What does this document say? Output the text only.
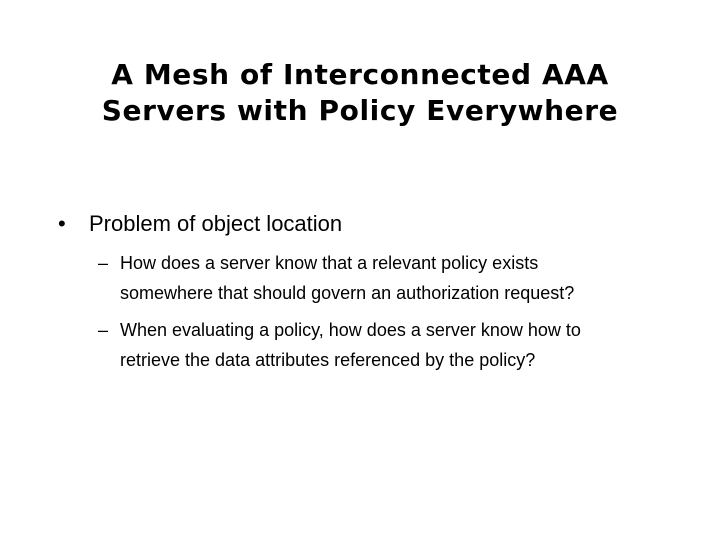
A Mesh of Interconnected AAA
Servers with Policy Everywhere
• Problem of object location
– How does a server know that a relevant policy exists
somewhere that should govern an authorization request?
– When evaluating a policy, how does a server know how to
retrieve the data attributes referenced by the policy?
